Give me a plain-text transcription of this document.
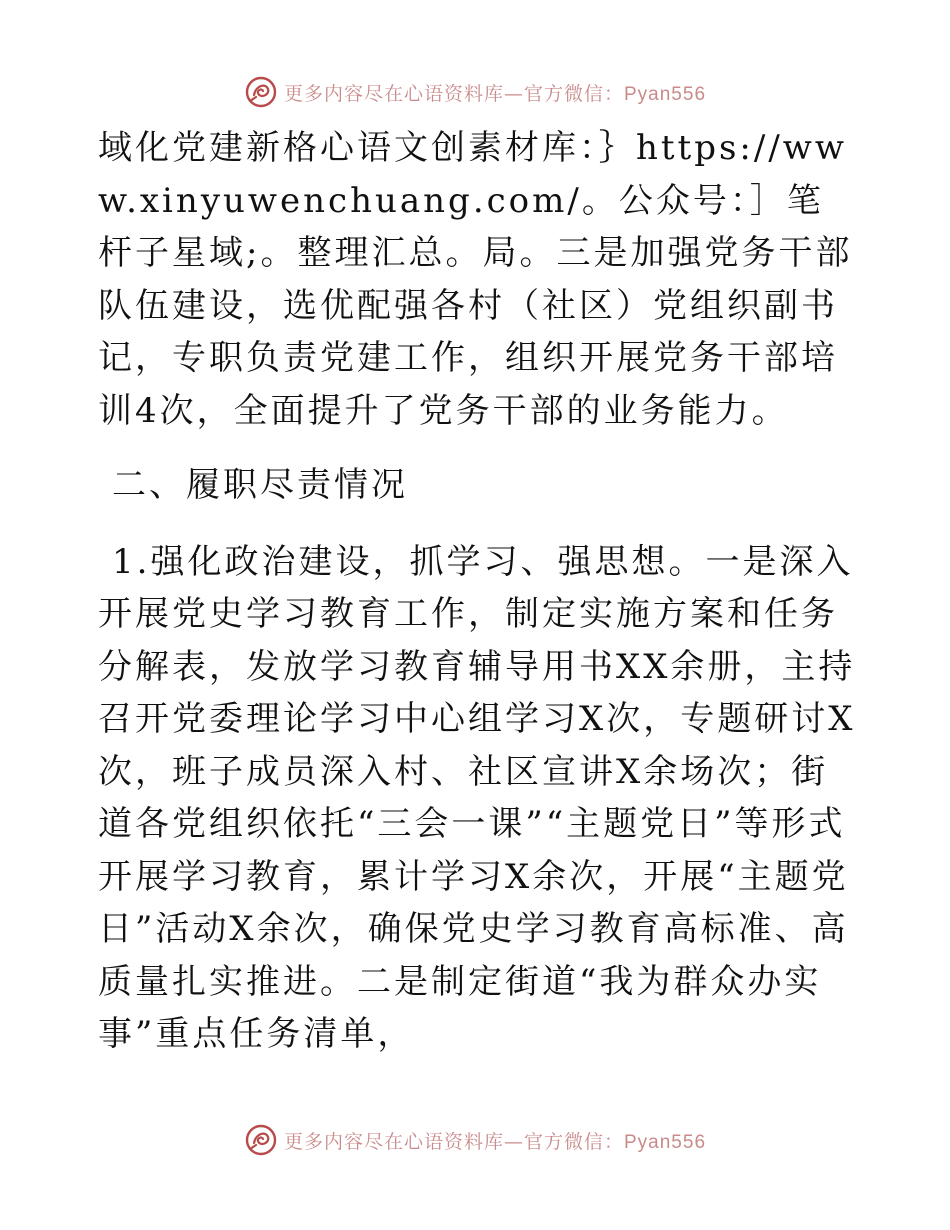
更多内容尽在心语资料库—官方微信：Pyan556

域化党建新格心语文创素材库：｝https://www.xinyuwenchuang.com/。公众号：］笔杆子星域;。整理汇总。局。三是加强党务干部队伍建设，选优配强各村（社区）党组织副书记，专职负责党建工作，组织开展党务干部培训4次，全面提升了党务干部的业务能力。

二、履职尽责情况

1.强化政治建设，抓学习、强思想。一是深入开展党史学习教育工作，制定实施方案和任务分解表，发放学习教育辅导用书XX余册，主持召开党委理论学习中心组学习X次，专题研讨X次，班子成员深入村、社区宣讲X余场次；街道各党组织依托“三会一课”“主题党日”等形式开展学习教育，累计学习X余次，开展“主题党日”活动X余次，确保党史学习教育高标准、高质量扎实推进。二是制定街道“我为群众办实事”重点任务清单，

更多内容尽在心语资料库—官方微信：Pyan556
